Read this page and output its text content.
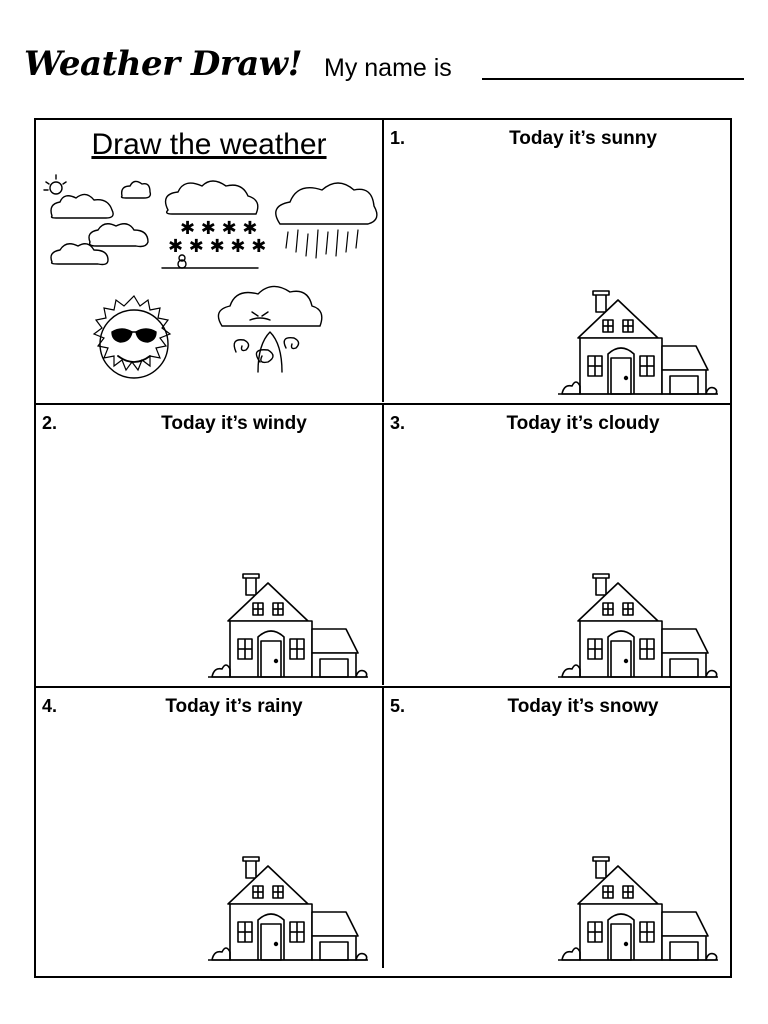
Weather Draw! My name is
Draw the weather
✱ ✱ ✱ ✱
✱ ✱ ✱ ✱ ✱
1.	Today it’s sunny
2.	Today it’s windy	3.	Today it’s cloudy
4.	Today it’s rainy	5.	Today it’s snowy
